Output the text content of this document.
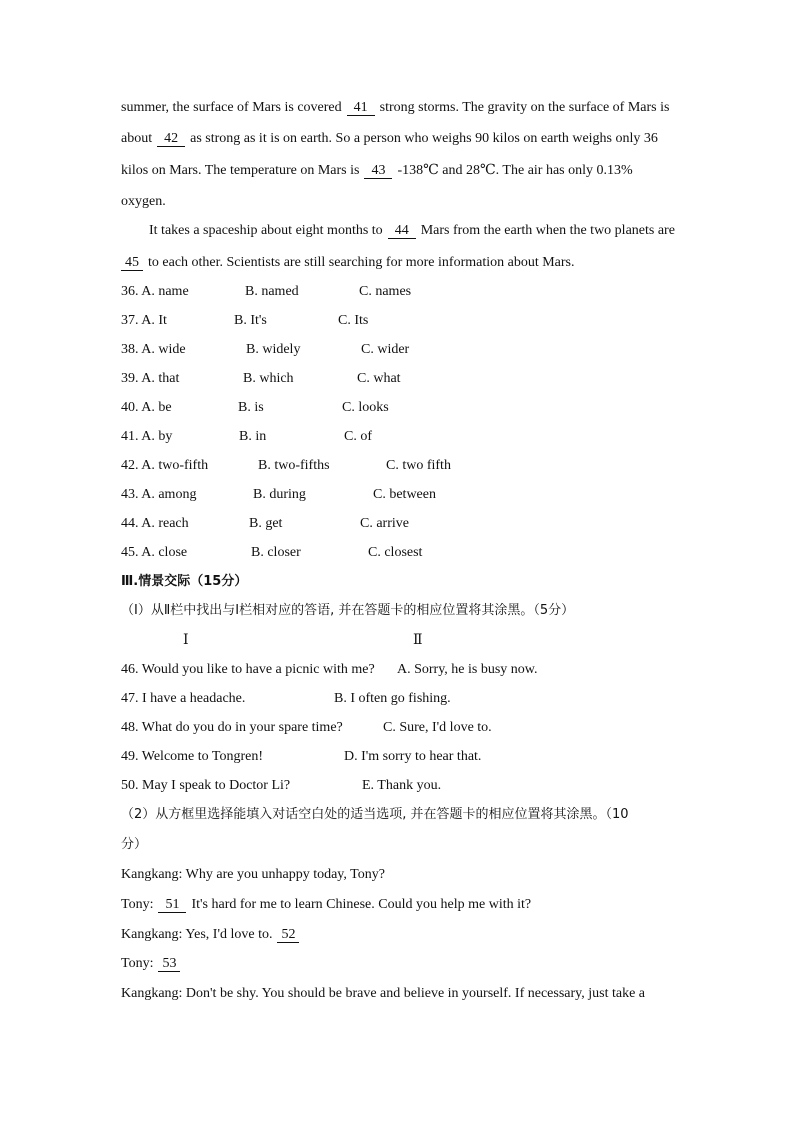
summer, the surface of Mars is covered 41 strong storms. The gravity on the surface of Mars is
about 42 as strong as it is on earth. So a person who weighs 90 kilos on earth weighs only 36
kilos on Mars. The temperature on Mars is 43 -138℃ and 28℃. The air has only 0.13%
oxygen.
It takes a spaceship about eight months to 44 Mars from the earth when the two planets are
45 to each other. Scientists are still searching for more information about Mars.
36. A. name	B. named	C. names
37. A. It	B. It's	C. Its
38. A. wide	B. widely	C. wider
39. A. that	B. which	C. what
40. A. be	B. is	C. looks
41. A. by	B. in	C. of
42. A. two-fifth	B. two-fifths	C. two fifth
43. A. among	B. during	C. between
44. A. reach	B. get	C. arrive
45. A. close	B. closer	C. closest
Ⅲ.情景交际（15分）
（Ⅰ）从Ⅱ栏中找出与Ⅰ栏相对应的答语, 并在答题卡的相应位置将其涂黑。（5分）
Ⅰ	Ⅱ
46. Would you like to have a picnic with me? A. Sorry, he is busy now.
47. I have a headache.	B. I often go fishing.
48. What do you do in your spare time?	C. Sure, I'd love to.
49. Welcome to Tongren!	D. I'm sorry to hear that.
50. May I speak to Doctor Li?	E. Thank you.
（2）从方框里选择能填入对话空白处的适当选项, 并在答题卡的相应位置将其涂黑。（10
分）
Kangkang: Why are you unhappy today, Tony?
Tony: 51 It's hard for me to learn Chinese. Could you help me with it?
Kangkang: Yes, I'd love to. 52
Tony: 53
Kangkang: Don't be shy. You should be brave and believe in yourself. If necessary, just take a
